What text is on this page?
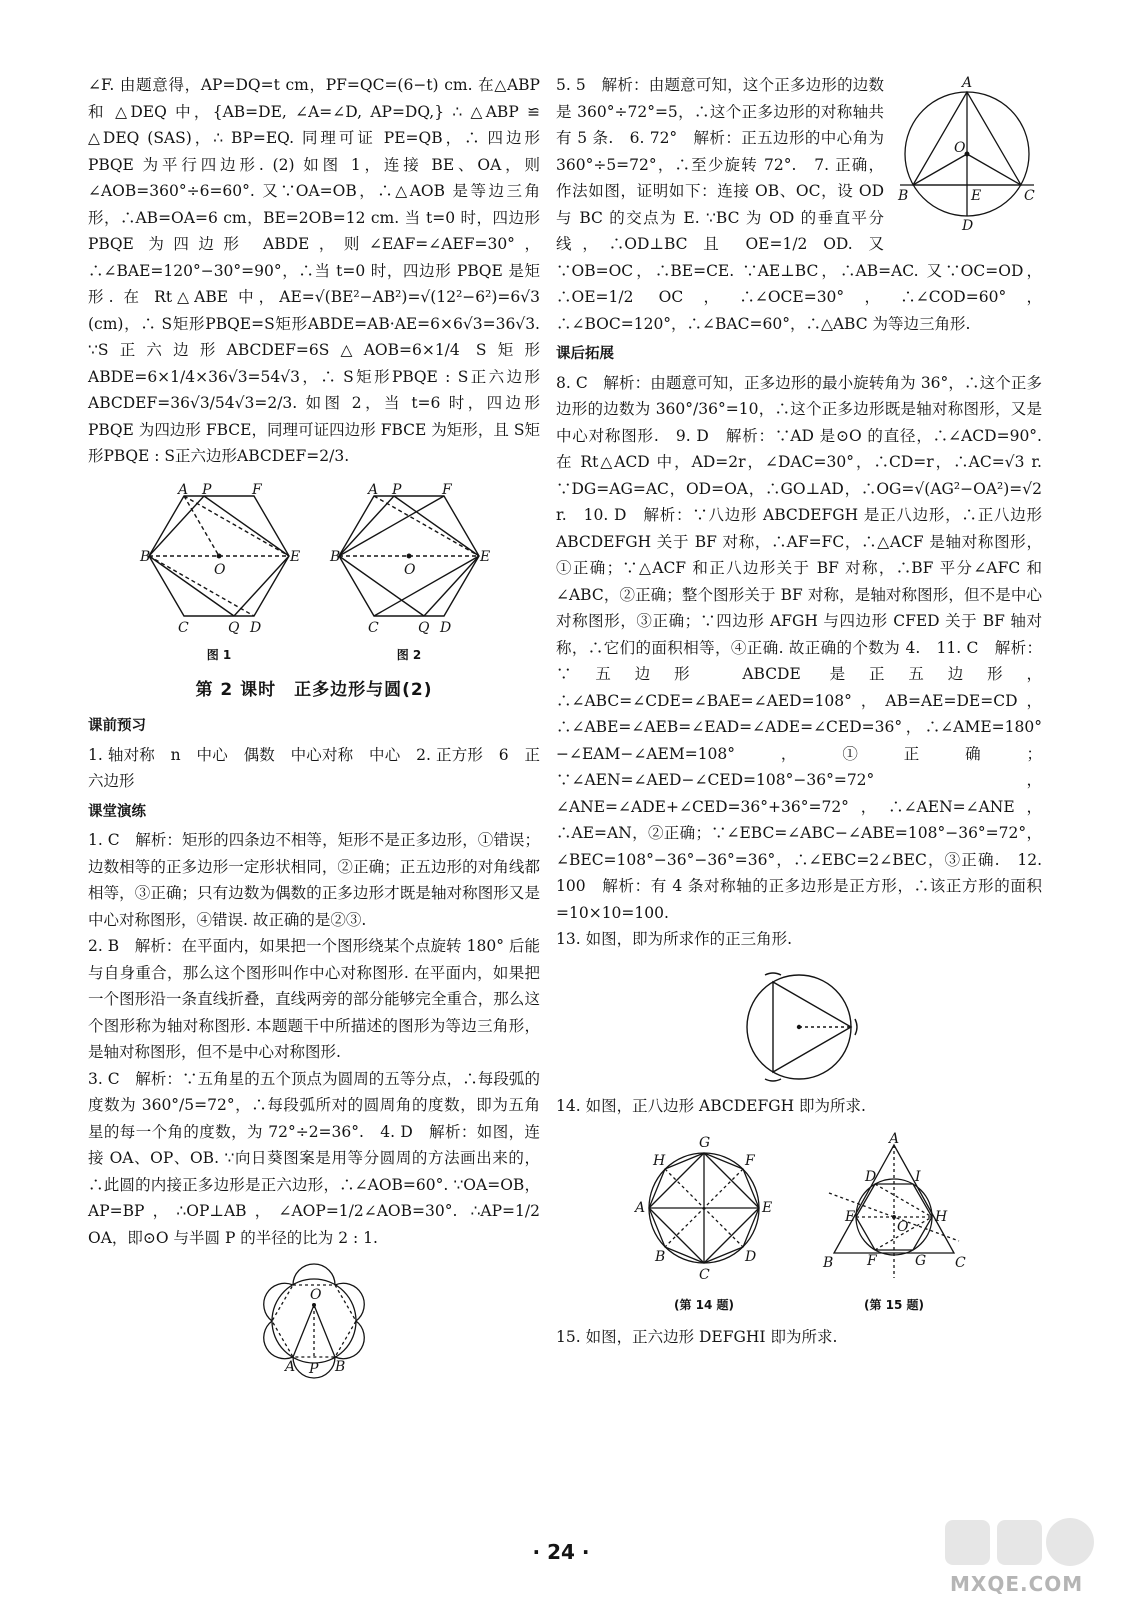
∠F. 由题意得，AP=DQ=t cm，PF=QC=(6−t) cm. 在△ABP 和 △DEQ 中，{AB=DE, ∠A=∠D, AP=DQ,} ∴ △ABP ≌ △DEQ (SAS)，∴ BP=EQ. 同理可证 PE=QB，∴ 四边形 PBQE 为平行四边形. (2) 如图 1，连接 BE、OA，则∠AOB=360°÷6=60°. 又∵OA=OB，∴△AOB 是等边三角形，∴AB=OA=6 cm，BE=2OB=12 cm. 当 t=0 时，四边形 PBQE 为四边形 ABDE，则∠EAF=∠AEF=30°，∴∠BAE=120°−30°=90°，∴当 t=0 时，四边形 PBQE 是矩形. 在 Rt△ABE 中，AE=√(BE²−AB²)=√(12²−6²)=6√3 (cm)，∴ S矩形PBQE=S矩形ABDE=AB·AE=6×6√3=36√3. ∵S正六边形ABCDEF=6S△AOB=6×1/4 S矩形ABDE=6×1/4×36√3=54√3，∴ S矩形PBQE : S正六边形ABCDEF=36√3/54√3=2/3. 如图 2，当 t=6 时，四边形 PBQE 为四边形 FBCE，同理可证四边形 FBCE 为矩形，且 S矩形PBQE : S正六边形ABCDEF=2/3.

A P	F
B	E
O
C	Q D
图 1
A P	F
B	E
O
C	Q D
图 2
第 2 课时　正多边形与圆(2)
课前预习

1. 轴对称　n　中心　偶数　中心对称　中心　2. 正方形　6　正六边形

课堂演练

1. C　解析：矩形的四条边不相等，矩形不是正多边形，①错误；边数相等的正多边形一定形状相同，②正确；正五边形的对角线都相等，③正确；只有边数为偶数的正多边形才既是轴对称图形又是中心对称图形，④错误. 故正确的是②③.

2. B　解析：在平面内，如果把一个图形绕某个点旋转 180° 后能与自身重合，那么这个图形叫作中心对称图形. 在平面内，如果把一个图形沿一条直线折叠，直线两旁的部分能够完全重合，那么这个图形称为轴对称图形. 本题题干中所描述的图形为等边三角形，是轴对称图形，但不是中心对称图形.

3. C　解析：∵五角星的五个顶点为圆周的五等分点，∴每段弧的度数为 360°/5=72°，∴每段弧所对的圆周角的度数，即为五角星的每一个角的度数，为 72°÷2=36°.　4. D　解析：如图，连接 OA、OP、OB. ∵向日葵图案是用等分圆周的方法画出来的，∴此圆的内接正多边形是正六边形，∴∠AOB=60°. ∵OA=OB，AP=BP，∴OP⊥AB，∠AOP=1/2∠AOB=30°. ∴AP=1/2 OA，即⊙O 与半圆 P 的半径的比为 2 : 1.

O
P
A	B
A
B	C
E
O
D

5. 5　解析：由题意可知，这个正多边形的边数是 360°÷72°=5，∴这个正多边形的对称轴共有 5 条.　6. 72°　解析：正五边形的中心角为 360°÷5=72°，∴至少旋转 72°.　7. 正确，作法如图，证明如下：连接 OB、OC，设 OD 与 BC 的交点为 E. ∵BC 为 OD 的垂直平分线，∴OD⊥BC 且 OE=1/2 OD. 又∵OB=OC，∴BE=CE. ∵AE⊥BC，∴AB=AC. 又∵OC=OD，∴OE=1/2 OC，∴∠OCE=30°，∴∠COD=60°，∴∠BOC=120°，∴∠BAC=60°，∴△ABC 为等边三角形.

课后拓展

8. C　解析：由题意可知，正多边形的最小旋转角为 36°，∴这个正多边形的边数为 360°/36°=10，∴这个正多边形既是轴对称图形，又是中心对称图形.　9. D　解析：∵AD 是⊙O 的直径，∴∠ACD=90°. 在 Rt△ACD 中，AD=2r，∠DAC=30°，∴CD=r，∴AC=√3 r. ∵DG=AG=AC，OD=OA，∴GO⊥AD，∴OG=√(AG²−OA²)=√2 r.　10. D　解析：∵八边形 ABCDEFGH 是正八边形，∴正八边形 ABCDEFGH 关于 BF 对称，∴AF=FC，∴△ACF 是轴对称图形，①正确；∵△ACF 和正八边形关于 BF 对称，∴BF 平分∠AFC 和∠ABC，②正确；整个图形关于 BF 对称，是轴对称图形，但不是中心对称图形，③正确；∵四边形 AFGH 与四边形 CFED 关于 BF 轴对称，∴它们的面积相等，④正确. 故正确的个数为 4.　11. C　解析：∵五边形 ABCDE 是正五边形，∴∠ABC=∠CDE=∠BAE=∠AED=108°，AB=AE=DE=CD，∴∠ABE=∠AEB=∠EAD=∠ADE=∠CED=36°，∴∠AME=180°−∠EAM−∠AEM=108°，①正确；∵∠AEN=∠AED−∠CED=108°−36°=72°，∠ANE=∠ADE+∠CED=36°+36°=72°，∴∠AEN=∠ANE，∴AE=AN，②正确；∵∠EBC=∠ABC−∠ABE=108°−36°=72°，∠BEC=108°−36°−36°=36°，∴∠EBC=2∠BEC，③正确.　12. 100　解析：有 4 条对称轴的正多边形是正方形，∴该正方形的面积=10×10=100.

13. 如图，即为所求作的正三角形.

14. 如图，正八边形 ABCDEFGH 即为所求.

G
F
E
D
C
B
A
H
(第 14 题)
A
B	C
D	I
E	H
F	G
O
(第 15 题)

15. 如图，正六边形 DEFGHI 即为所求.

· 24 ·
MXQE.COM
